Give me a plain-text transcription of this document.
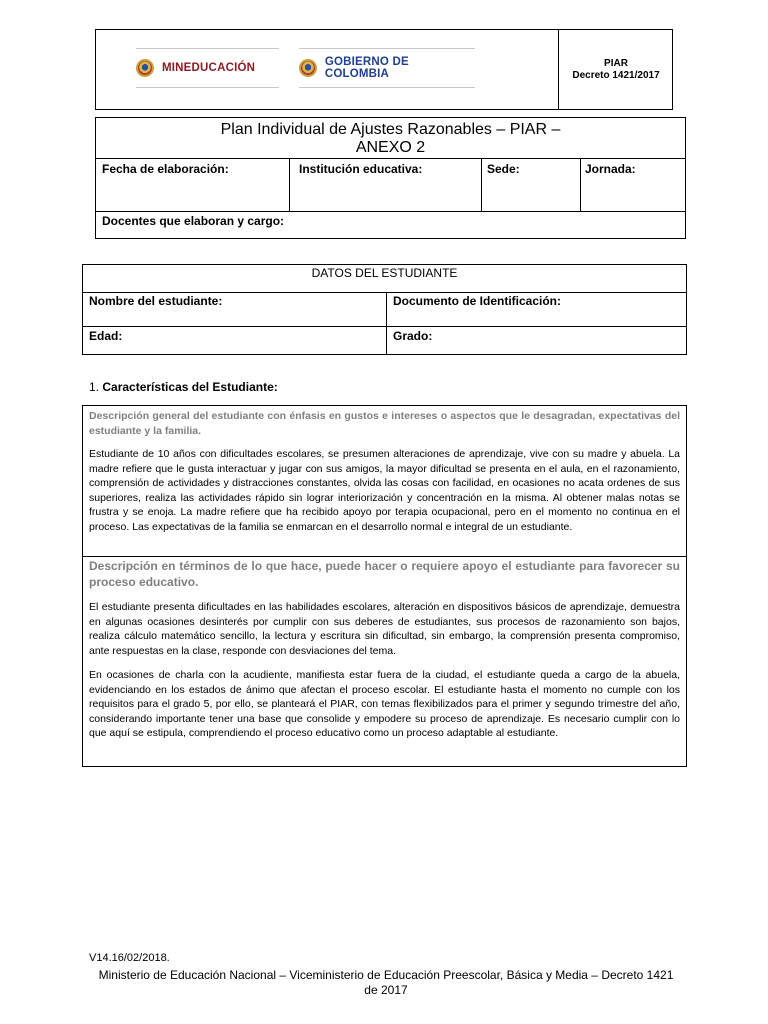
MINEDUCACIÓN	GOBIERNO DE COLOMBIA
PIAR
Decreto 1421/2017
Plan Individual de Ajustes Razonables – PIAR –
ANEXO 2
Fecha de elaboración:	Institución educativa:	Sede:	Jornada:
Docentes que elaboran y cargo:
DATOS DEL ESTUDIANTE
Nombre del estudiante:	Documento de Identificación:
Edad:	Grado:
1. Características del Estudiante:
Descripción general del estudiante con énfasis en gustos e intereses o aspectos que le desagradan, expectativas del estudiante y la familia.
Estudiante de 10 años con dificultades escolares, se presumen alteraciones de aprendizaje, vive con su madre y abuela. La madre refiere que le gusta interactuar y jugar con sus amigos, la mayor dificultad se presenta en el aula, en el razonamiento, comprensión de actividades y distracciones constantes, olvida las cosas con facilidad, en ocasiones no acata ordenes de sus superiores, realiza las actividades rápido sin lograr interiorización y concentración en la misma. Al obtener malas notas se frustra y se enoja. La madre refiere que ha recibido apoyo por terapia ocupacional, pero en el momento no continua en el proceso. Las expectativas de la familia se enmarcan en el desarrollo normal e integral de un estudiante.
Descripción en términos de lo que hace, puede hacer o requiere apoyo el estudiante para favorecer su proceso educativo.
El estudiante presenta dificultades en las habilidades escolares, alteración en dispositivos básicos de aprendizaje, demuestra en algunas ocasiones desinterés por cumplir con sus deberes de estudiantes, sus procesos de razonamiento son bajos, realiza cálculo matemático sencillo, la lectura y escritura sin dificultad, sin embargo, la comprensión presenta compromiso, ante respuestas en la clase, responde con desviaciones del tema.
En ocasiones de charla con la acudiente, manifiesta estar fuera de la ciudad, el estudiante queda a cargo de la abuela, evidenciando en los estados de ánimo que afectan el proceso escolar. El estudiante hasta el momento no cumple con los requisitos para el grado 5, por ello, se planteará el PIAR, con temas flexibilizados para el primer y segundo trimestre del año, considerando importante tener una base que consolide y empodere su proceso de aprendizaje. Es necesario cumplir con lo que aquí se estipula, comprendiendo el proceso educativo como un proceso adaptable al estudiante.
V14.16/02/2018.
Ministerio de Educación Nacional – Viceministerio de Educación Preescolar, Básica y Media – Decreto 1421 de 2017
